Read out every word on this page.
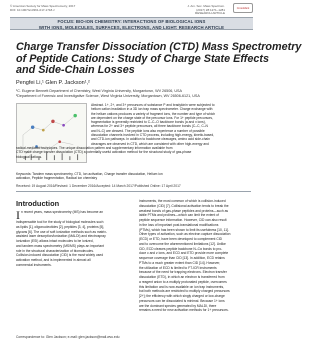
© American Society for Mass Spectrometry, 2017
DOI: 10.1007/s13361-017-1718-z
J. Am. Soc. Mass Spectrom. (2017) 28:1271–1281
RESEARCH ARTICLE
CrossMark
FOCUS: BIO-ION CHEMISTRY: INTERACTIONS OF BIOLOGICAL IONS
WITH IONS, MOLECULES, SURFACES, ELECTRONS, AND LIGHT: RESEARCH ARTICLE
Charge Transfer Dissociation (CTD) Mass Spectrometry
of Peptide Cations: Study of Charge State Effects
and Side-Chain Losses
Pengfei Li,¹ Glen P. Jackson¹,²
¹C. Eugene Bennett Department of Chemistry, West Virginia University, Morgantown, WV 26506, USA
²Department of Forensic and Investigative Science, West Virginia University, Morgantown, WV 26506-6121, USA
Abstract. 1+, 2+, and 3+ precursors of substance P and bradykinin were subjected to
helium cation irradiation in a 3D ion trap mass spectrometer. Charge exchange with
the helium cations produces a variety of fragment ions, the number and type of which
are dependent on the charge state of the precursor ions. For 1+ peptide precursors,
fragmentation is generally restricted to C–C–O backbone bonds (a and x ions),
whereas for 2+ and 3+ peptide precursors, all three backbone bonds (C–C, C–N
and N–C) are cleaved. The peptide ions also experience a number of possible
dissociation channels involved in CTD process, including high-energy, kinetic-based,
and CTD-ion pathways. In addition to backbone cleavages, amino acid side-chain
cleavages are observed in CTD, which are consistent with other high-energy and
radical-mediated techniques. The unique dissociation pattern and supplementary information available from
CTD make charge transfer dissociation (CTD) a potentially useful activation method for the structural study of gas-phase
biological cations.
Keywords: Tandem mass spectrometry, CTD, Ion activation, Charge transfer dissociation, Helium ion
activation, Peptide fragmentation, Radical ion chemistry
Received: 19 August 2016/Revised: 1 December 2016/Accepted: 14 March 2017/Published Online: 17 April 2017
Introduction
In recent years, mass spectrometry (MS) has become an
indispensable tool for the study of biological molecules such
as lipids [1], oligonucleotides [2], peptides [3, 4], proteins [5],
glycans [6]. The use of soft ionization methods such as matrix-
assisted laser desorption/ionization (MALDI) and electrospray
ionization (ESI) allows intact molecules to be ionized,
and tandem mass spectrometry (MS/MS) plays an important
role in the structural characterization of biomolecules.
Collision-induced dissociation (CID) is the most widely used
activation method, and is implemented in almost all
commercial instruments.
instruments, the most common of which is collision-induced
dissociation (CID) [7]. Collisional activation tends to break the
weakest bonds of gas-phase peptides and proteins—such as
labile PTMs and prolines—which can limit the extent of
peptide sequence information. However, CID can also result
in the loss of important post-translational modifications
(PTMs), which has been shown to limit its usefulness [10, 11].
Other types of activation, such as electron capture dissociation
(ECD) or ETD, have been developed to complement CID
and to overcome the aforementioned limitations [12]. Unlike
CID, ECD cleaves peptide backbone N–Cα bonds to pro-
duce c and z ions, and ECD and ETD provide more complete
sequence coverage than CID [13]. In addition, ECD retains
PTMs to a much greater extent than CID [14]. However,
the utilization of ECD is limited to FT-ICR instruments
because of the need for trapping electrons. Electron transfer
dissociation (ETD), in which an electron is transferred from
a reagent anion to a multiply protonated peptide, overcomes
this limitation and is now available on ion trap instruments,
but both methods are restricted to multiply charged precursors
[2+]; the efficiency with which singly charged or low-charge
precursors can be dissociated is minimal. Because 1+ ions
are the dominant species generated by MALDI, there
remains a need for new activation methods for 1+ precursors.
Correspondence to: Glen Jackson; e-mail: glen.jackson@mail.wvu.edu
